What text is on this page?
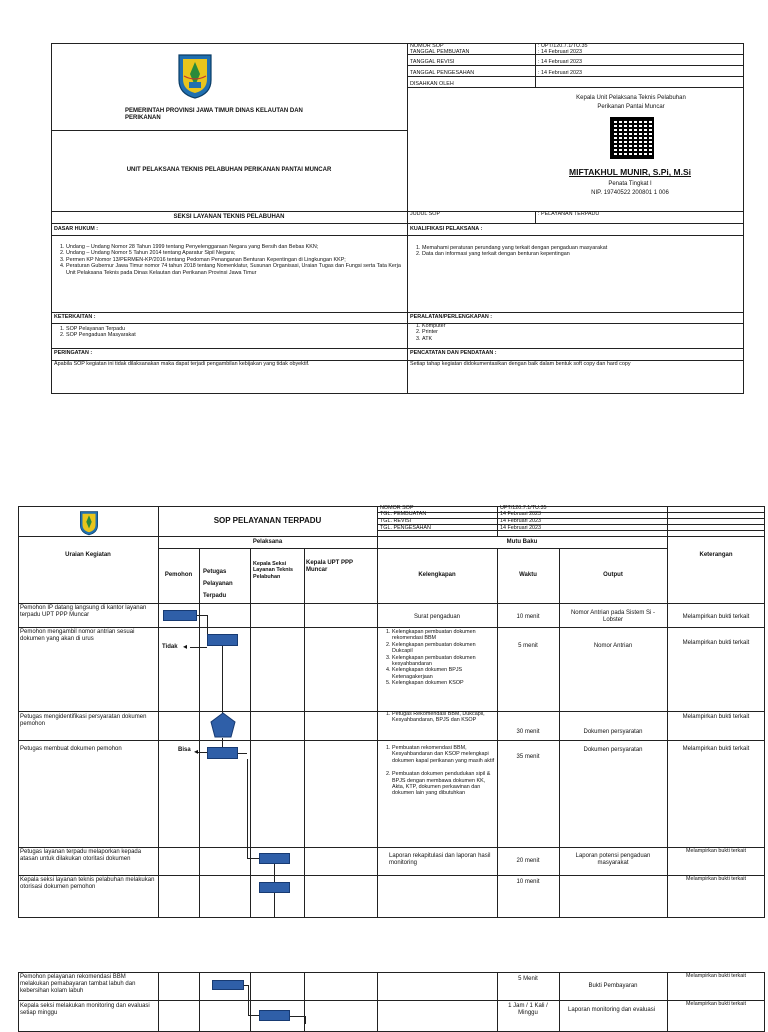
PEMERINTAH PROVINSI JAWA TIMUR DINAS KELAUTAN DAN PERIKANAN
UNIT PELAKSANA TEKNIS PELABUHAN PERIKANAN PANTAI MUNCAR
SEKSI LAYANAN TEKNIS PELABUHAN
NOMOR SOP	: UPT/120.7.1/TU.35
TANGGAL PEMBUATAN	: 14 Februari 2023
TANGGAL REVISI	: 14 Februari 2023
TANGGAL PENGESAHAN	: 14 Februari 2023
DISAHKAN OLEH
Kepala Unit Pelaksana Teknis Pelabuhan Perikanan Pantai Muncar
MIFTAKHUL MUNIR, S.Pi, M.Si
Penata Tingkat I
NIP. 19740522 200801 1 006
JUDUL SOP	: PELAYANAN TERPADU
DASAR HUKUM :	KUALIFIKASI PELAKSANA :
1. Undang – Undang Nomor 28 Tahun 1999 tentang Penyelenggaraan Negara yang Bersih dan Bebas KKN;
2. Undang – Undang Nomor 5 Tahun 2014 tentang Aparatur Sipil Negara;
3. Permen KP Nomor 13/PERMEN-KP/2016 tentang Pedoman Penanganan Benturan Kepentingan di Lingkungan KKP;
4. Peraturan Gubernur Jawa Timur nomor 74 tahun 2018 tentang Nomenklatur, Susunan Organisasi, Uraian Tugas dan Fungsi serta Tata Kerja Unit Pelaksana Teknis pada Dinas Kelautan dan Perikanan Provinsi Jawa Timur
1. Memahami peraturan perundang yang terkait dengan pengaduan masyarakat
2. Data dan informasi yang terkait dengan benturan kepentingan
KETERKAITAN :	PERALATAN/PERLENGKAPAN :
1. SOP Pelayanan Terpadu
2. SOP Pengaduan Masyarakat
1. Komputer
2. Printer
3. ATK
PERINGATAN :	PENCATATAN DAN PENDATAAN :
Apabila SOP kegiatan ini tidak dilaksanakan maka dapat terjadi pengambilan kebijakan yang tidak obyektif.	Setiap tahap kegiatan didokumentasikan dengan baik dalam bentuk soft copy dan hard copy
SOP PELAYANAN TERPADU
NOMOR SOP	UPT/120.7.1/TU.35
TGL. PEMBUATAN	14 Februari 2023
TGL. REVISI	14 Februari 2023
TGL. PENGESAHAN	14 Februari 2023
Uraian Kegiatan
Pelaksana	Mutu Baku
Keterangan
Pemohon	Petugas Pelayanan Terpadu
Kepala Seksi Layanan Teknis Pelabuhan
Kepala UPT PPP Muncar
Kelengkapan	Waktu	Output
Pemohon IP datang langsung di kantor layanan terpadu UPT PPP Muncar	Surat pengaduan	10 menit
Nomor Antrian pada Sistem Si - Lobster
Melampirkan bukti terkait
Pemohon mengambil nomor antrian sesuai dokumen yang akan di urus
1. Kelengkapan pembuatan dokumen rekomendasi BBM
2. Kelengkapan pembuatan dokumen Dukcapil
3. Kelengkapan pembuatan dokumen kesyahbandaran
4. Kelengkapan dokumen BPJS Ketenagakerjaan
5. Kelengkapan dokumen KSOP
5 menit	Nomor Antrian	Melampirkan bukti terkait
Petugas mengidentifikasi persyaratan dokumen pemohon
1. Petugas Rekomendasi BBM, Dukcapil, Kesyahbandaran, BPJS dan KSOP
30 menit	Dokumen persyaratan
Melampirkan bukti terkait
Petugas membuat dokumen pemohon
1.	Pembuatan rekomendasi BBM, Kesyahbandaran dan KSOP melengkapi dokumen kapal perikanan yang masih aktif
2. Pembuatan dokumen pendudukan sipil & BPJS dengan membawa dokumen KK, Akta, KTP, dokumen perkawinan dan dokumen lain yang dibutuhkan
35 menit
Dokumen persyaratan	Melampirkan bukti terkait
Petugas layanan terpadu melaporkan kepada atasan untuk dilakukan otoritasi dokumen
Laporan rekapitulasi dan laporan hasil monitoring	20 menit
Laporan potensi pengaduan masyarakat
Melampirkan bukti terkait
Kepala seksi layanan teknis pelabuhan melakukan otorisasi dokumen pemohon
10 menit	Melampirkan bukti terkait
Tidak ◂
Bisa ◂
Pemohon pelayanan rekomendasi BBM melakukan pemabayaran tambat labuh dan kebersihan kolam labuh
5 Menit
Bukti Pembayaran
Melampirkan bukti terkait
Kepala seksi melakukan monitoring dan evaluasi setiap minggu
1 Jam / 1 Kali / Minggu
Laporan monitoring dan evaluasi
Melampirkan bukti terkait
